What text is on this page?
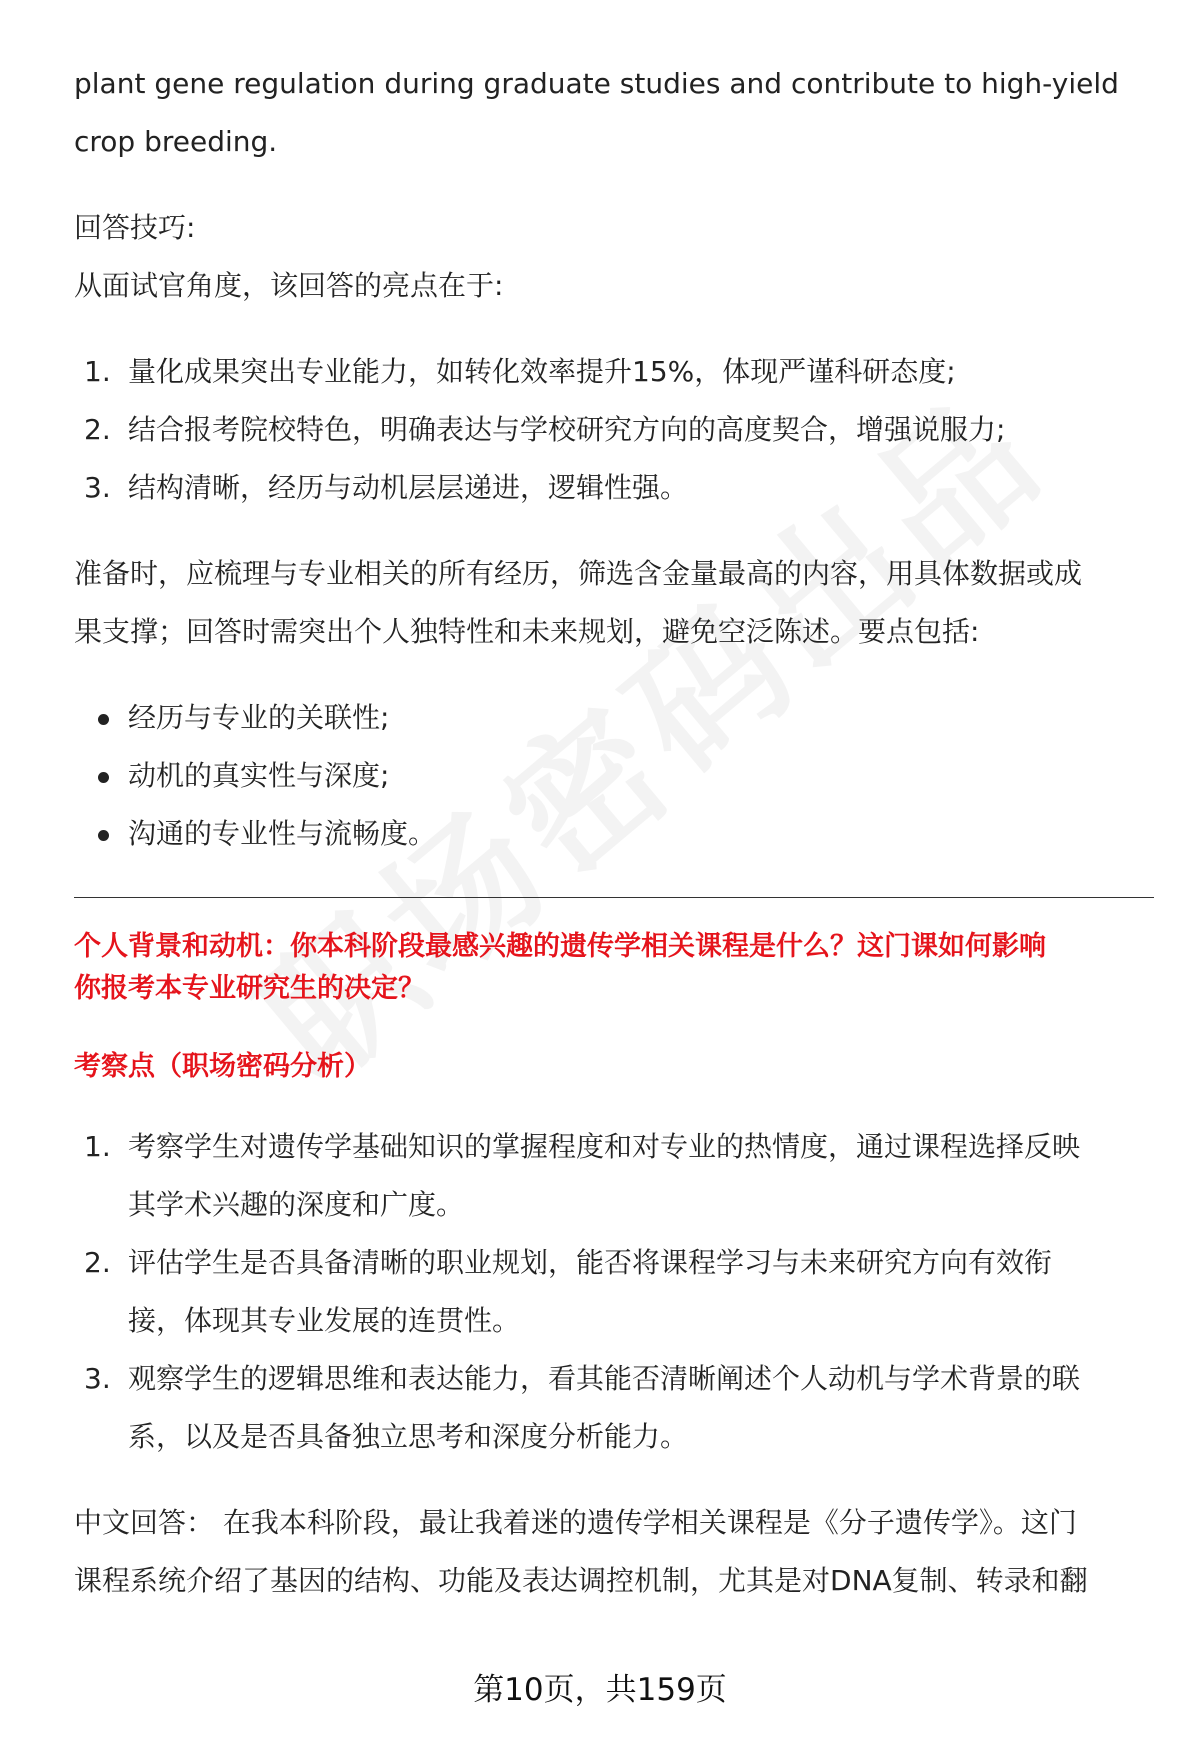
plant gene regulation during graduate studies and contribute to high-yield

crop breeding.

回答技巧:

从面试官角度，该回答的亮点在于:

1. 量化成果突出专业能力，如转化效率提升15%，体现严谨科研态度;
2. 结合报考院校特色，明确表达与学校研究方向的高度契合，增强说服力;
3. 结构清晰，经历与动机层层递进，逻辑性强。

准备时，应梳理与专业相关的所有经历，筛选含金量最高的内容，用具体数据或成

果支撑；回答时需突出个人独特性和未来规划，避免空泛陈述。要点包括:

经历与专业的关联性;
动机的真实性与深度;
沟通的专业性与流畅度。

个人背景和动机：你本科阶段最感兴趣的遗传学相关课程是什么？这门课如何影响

你报考本专业研究生的决定？

考察点（职场密码分析）

1. 考察学生对遗传学基础知识的掌握程度和对专业的热情度，通过课程选择反映
其学术兴趣的深度和广度。
2. 评估学生是否具备清晰的职业规划，能否将课程学习与未来研究方向有效衔
接，体现其专业发展的连贯性。
3. 观察学生的逻辑思维和表达能力，看其能否清晰阐述个人动机与学术背景的联
系，以及是否具备独立思考和深度分析能力。

中文回答： 在我本科阶段，最让我着迷的遗传学相关课程是《分子遗传学》。这门

课程系统介绍了基因的结构、功能及表达调控机制，尤其是对DNA复制、转录和翻

第10页，共159页
